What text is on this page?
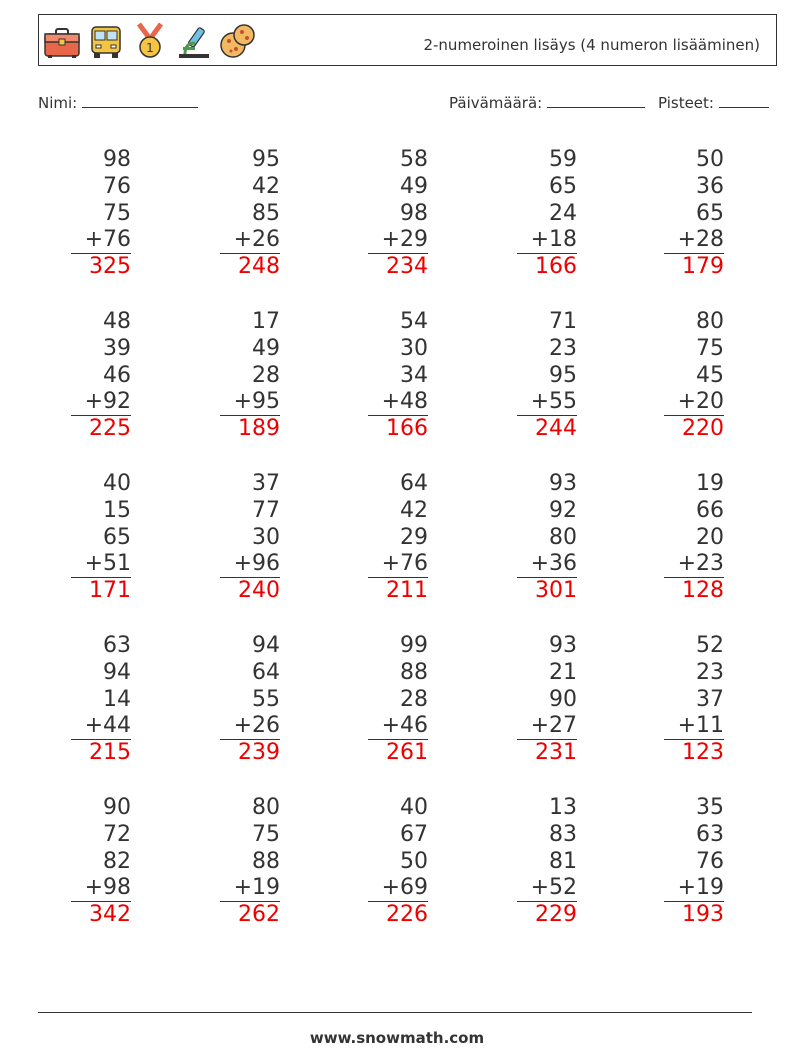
1	2-numeroinen lisäys (4 numeron lisääminen)
Nimi:	Päivämäärä:	Pisteet:
98
76
75
+76
325
95
42
85
+26
248
58
49
98
+29
234
59
65
24
+18
166
50
36
65
+28
179
48
39
46
+92
225
17
49
28
+95
189
54
30
34
+48
166
71
23
95
+55
244
80
75
45
+20
220
40
15
65
+51
171
37
77
30
+96
240
64
42
29
+76
211
93
92
80
+36
301
19
66
20
+23
128
63
94
14
+44
215
94
64
55
+26
239
99
88
28
+46
261
93
21
90
+27
231
52
23
37
+11
123
90
72
82
+98
342
80
75
88
+19
262
40
67
50
+69
226
13
83
81
+52
229
35
63
76
+19
193
www.snowmath.com
